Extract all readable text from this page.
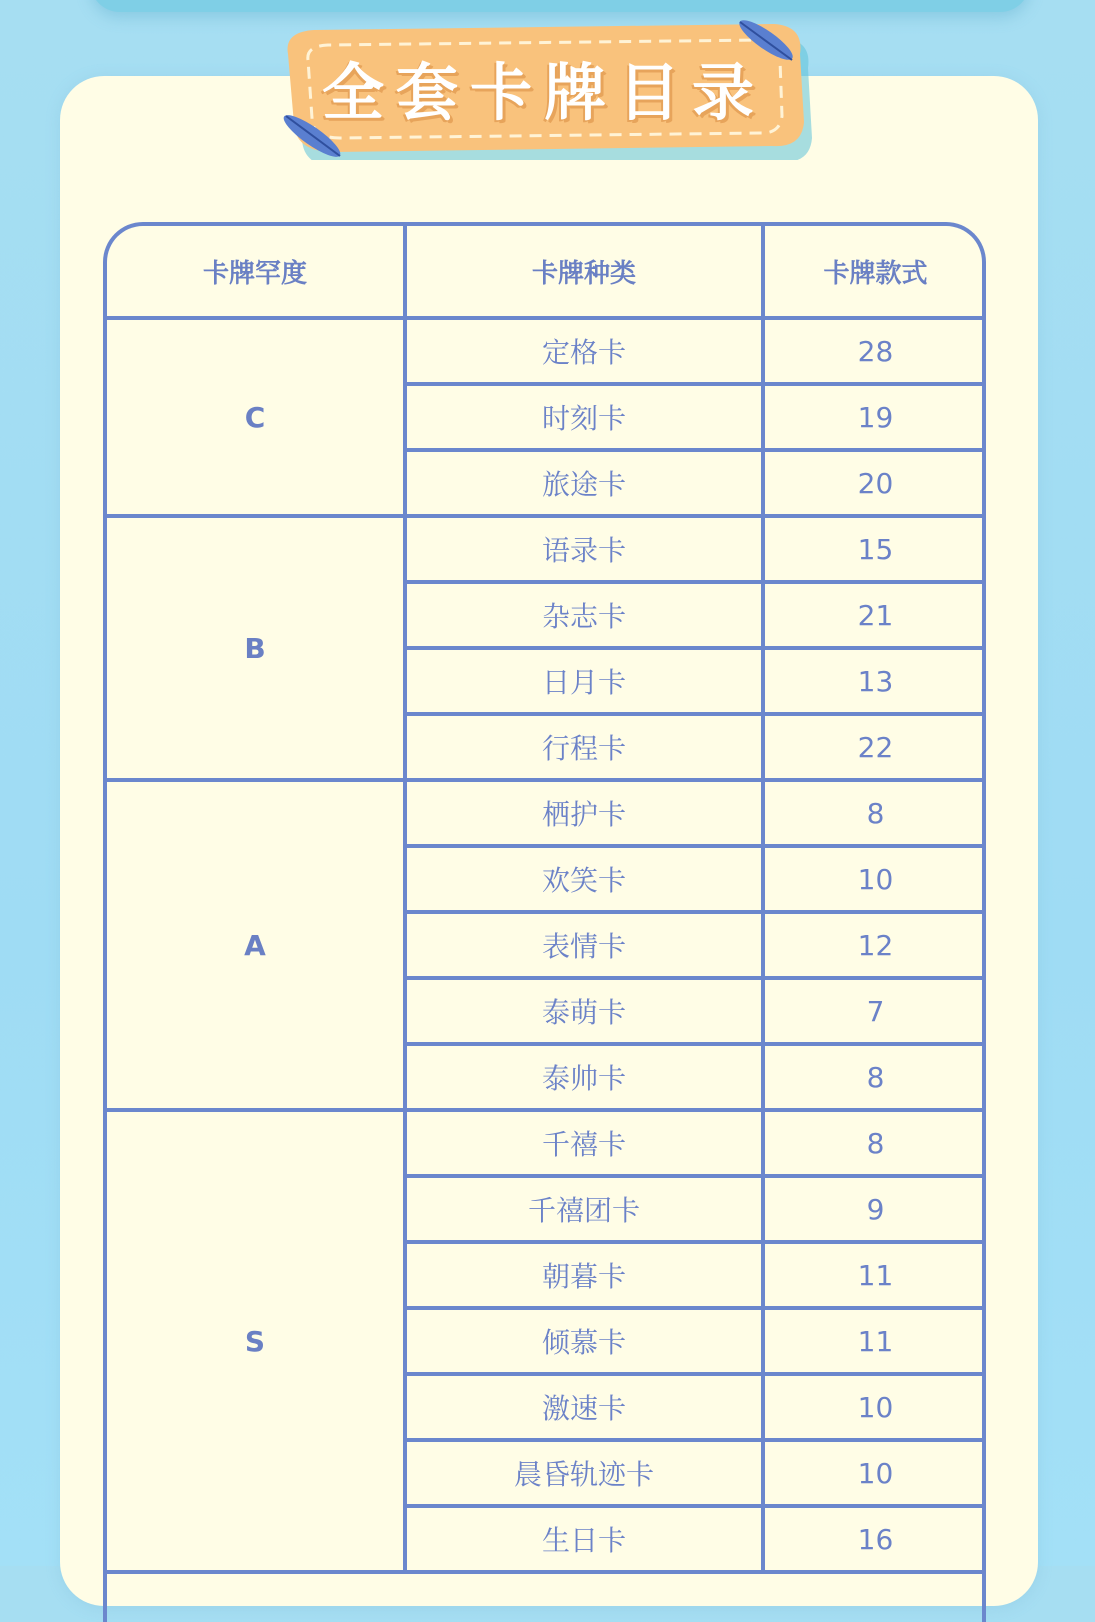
全套卡牌目录
卡牌罕度	卡牌种类	卡牌款式
C	定格卡	28
	时刻卡	19
	旅途卡	20
B	语录卡	15
	杂志卡	21
	日月卡	13
	行程卡	22
A	栖护卡	8
	欢笑卡	10
	表情卡	12
	泰萌卡	7
	泰帅卡	8
S	千禧卡	8
	千禧团卡	9
	朝暮卡	11
	倾慕卡	11
	激速卡	10
	晨昏轨迹卡	10
	生日卡	16
